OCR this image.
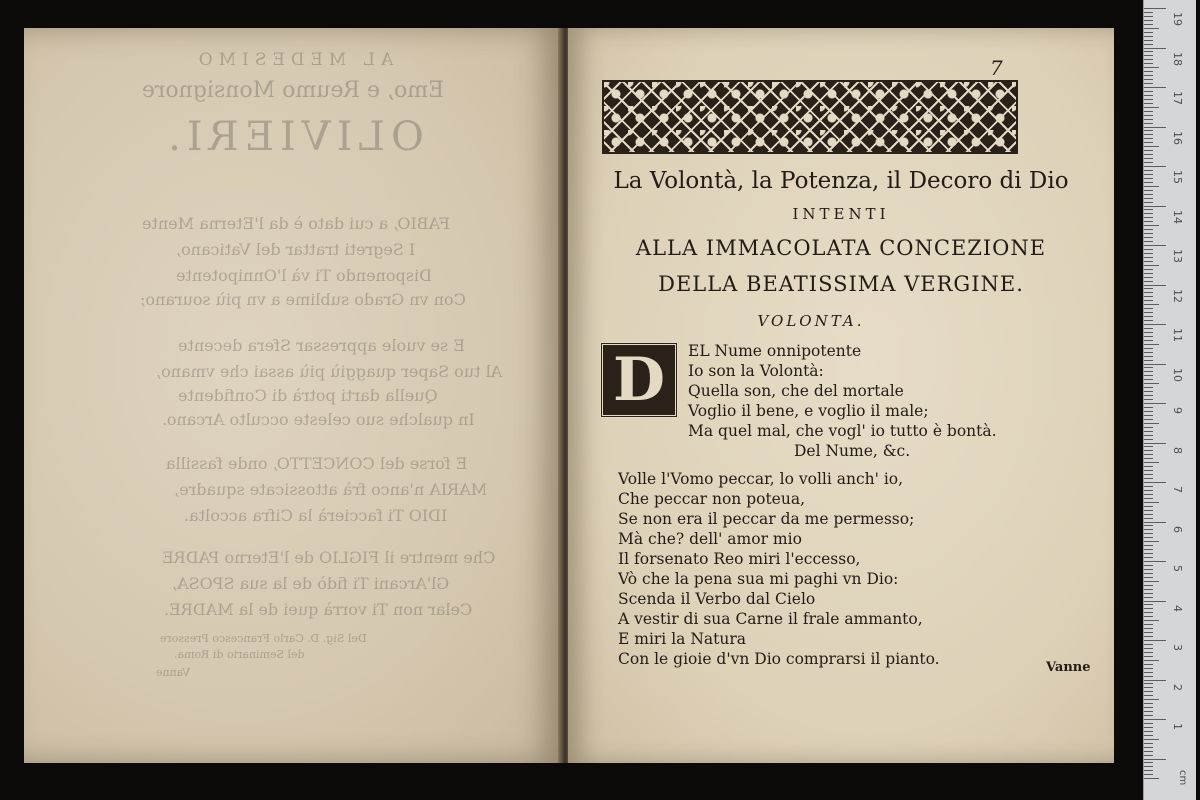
AL MEDESIMO
Emo, e Reumo Monsignore
OLIVIERI.
FABIO, a cui dato è da l'Eterna Mente
I Segreti trattar del Vaticano,
Disponendo Ti và l'Onnipotente
Con vn Grado sublime a vn più sourano;
E se vuole appressar Sfera decente
Al tuo Saper quaggiù più assai che vmano,
Quella darti potrà di Confidente
In qualche suo celeste occulto Arcano.
E forse del CONCETTO, onde fassilla
MARIA n'anco frà attossicate squadre,
IDIO Ti faccierà la Cifra accolta.
Che mentre il FIGLIO de l'Eterno PADRE
Gl'Arcani Ti fidò de la sua SPOSA,
Celar non Ti vorrà quei de la MADRE.
Del Sig. D. Carlo Francesco Pressore
del Seminario di Roma.
Vanne
7
La Volontà, la Potenza, il Decoro di Dio
INTENTI
ALLA IMMACOLATA CONCEZIONE
DELLA BEATISSIMA VERGINE.
VOLONTA.
D EL Nume onnipotente
Io son la Volontà:
Quella son, che del mortale
Voglio il bene, e voglio il male;
Ma quel mal, che vogl' io tutto è bontà.
Del Nume, &c.
Volle l'Vomo peccar, lo volli anch' io,
Che peccar non poteua,
Se non era il peccar da me permesso;
Mà che? dell' amor mio
Il forsenato Reo miri l'eccesso,
Vò che la pena sua mi paghi vn Dio:
Scenda il Verbo dal Cielo
A vestir di sua Carne il frale ammanto,
E miri la Natura
Con le gioie d'vn Dio comprarsi il pianto.	Vanne
19
18
17
16
15
14
13
12
11
10
9
8
7
6
5
4
3
2
1
cm
